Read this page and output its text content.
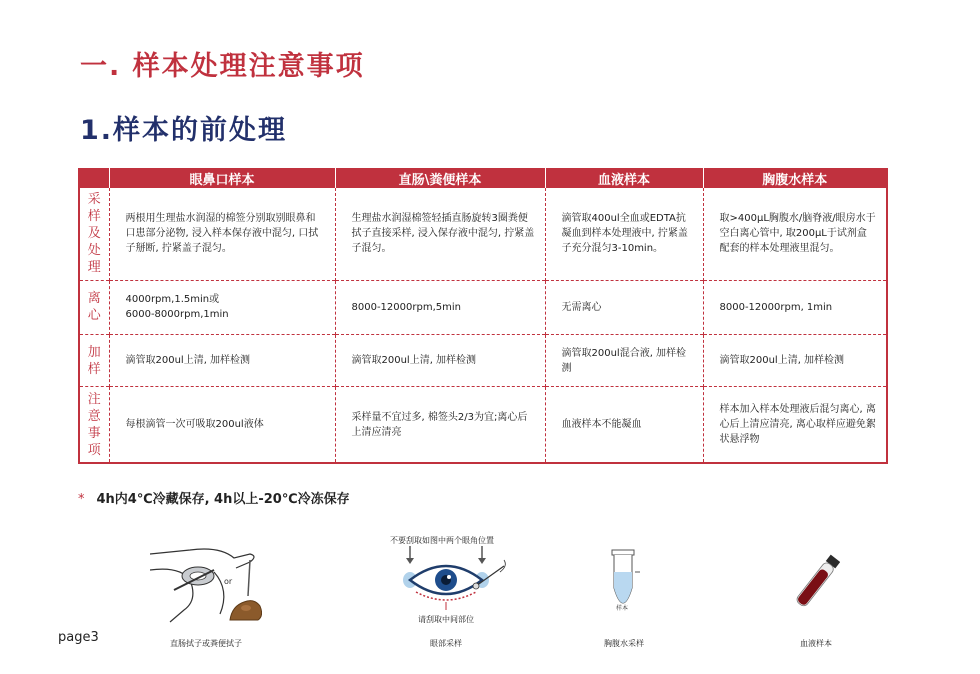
一. 样本处理注意事项
1.样本的前处理
	眼鼻口样本	直肠\粪便样本	血液样本	胸腹水样本

采
样
及
处
理	两根用生理盐水润湿的棉签分别取别眼鼻和口患部分泌物, 浸入样本保存液中混匀, 口拭子掰断, 拧紧盖子混匀。	生理盐水润湿棉签轻插直肠旋转3圈粪便拭子直接采样, 浸入保存液中混匀, 拧紧盖子混匀。	滴管取400ul全血或EDTA抗凝血到样本处理液中, 拧紧盖子充分混匀3-10min。	取>400μL胸腹水/脑脊液/眼房水于空白离心管中, 取200μL于试剂盒配套的样本处理液里混匀。

离
心	4000rpm,1.5min或
6000-8000rpm,1min	8000-12000rpm,5min	无需离心	8000-12000rpm, 1min

加
样	滴管取200ul上清, 加样检测	滴管取200ul上清, 加样检测	滴管取200ul混合液, 加样检测	滴管取200ul上清, 加样检测

注
意
事
项	每根滴管一次可吸取200ul液体	采样量不宜过多, 棉签头2/3为宜;离心后上清应清亮	血液样本不能凝血	样本加入样本处理液后混匀离心, 离心后上清应清亮, 离心取样应避免絮状悬浮物
* 4h内4℃冷藏保存, 4h以上-20℃冷冻保存
or
直肠拭子或粪便拭子
不要刮取如图中两个眼角位置
请刮取中间部位
眼部采样
样本
胸腹水采样	血液样本
page3
